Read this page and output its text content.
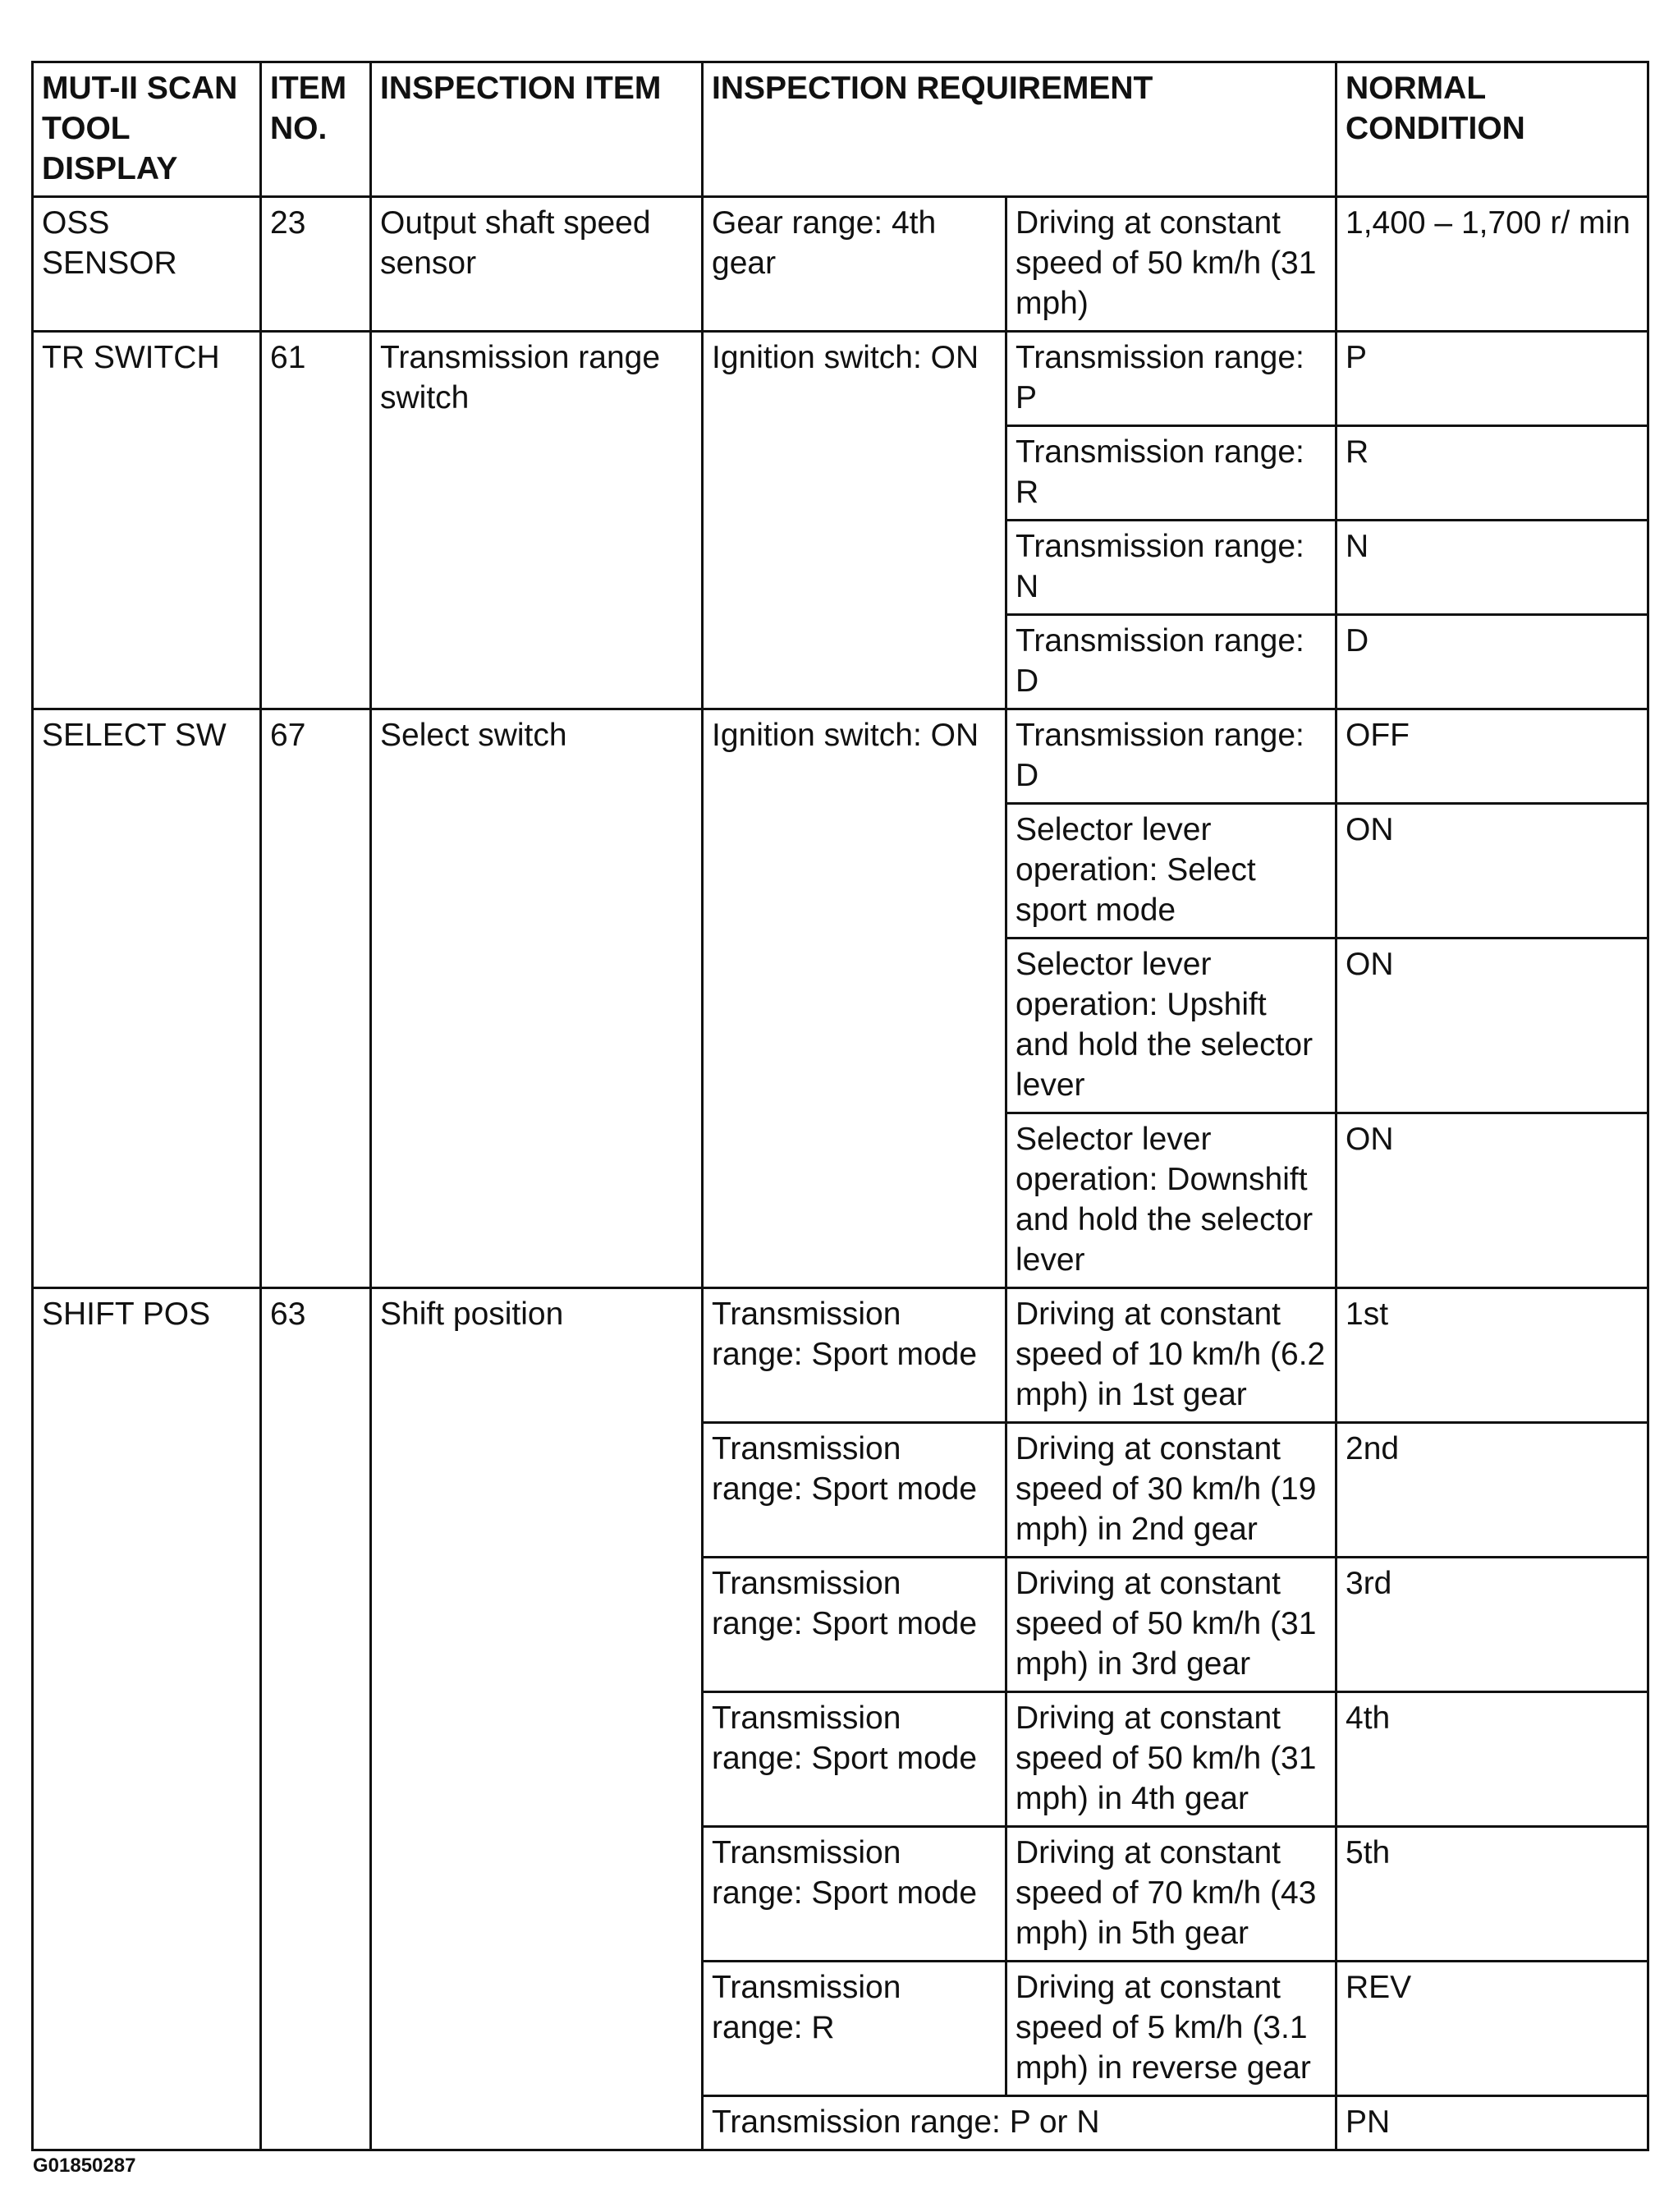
MUT-II SCAN TOOL DISPLAY	ITEM NO.	INSPECTION ITEM	INSPECTION REQUIREMENT		NORMAL CONDITION
OSS SENSOR	23	Output shaft speed sensor	Gear range: 4th gear	Driving at constant speed of 50 km/h (31 mph)	1,400 – 1,700 r/ min
TR SWITCH	61	Transmission range switch	Ignition switch: ON	Transmission range: P	P
				Transmission range: R	R
				Transmission range: N	N
				Transmission range: D	D
SELECT SW	67	Select switch	Ignition switch: ON	Transmission range: D	OFF
				Selector lever operation: Select sport mode	ON
				Selector lever operation: Upshift and hold the selector lever	ON
				Selector lever operation: Downshift and hold the selector lever	ON
SHIFT POS	63	Shift position	Transmission range: Sport mode	Driving at constant speed of 10 km/h (6.2 mph) in 1st gear	1st
			Transmission range: Sport mode	Driving at constant speed of 30 km/h (19 mph) in 2nd gear	2nd
			Transmission range: Sport mode	Driving at constant speed of 50 km/h (31 mph) in 3rd gear	3rd
			Transmission range: Sport mode	Driving at constant speed of 50 km/h (31 mph) in 4th gear	4th
			Transmission range: Sport mode	Driving at constant speed of 70 km/h (43 mph) in 5th gear	5th
			Transmission range: R	Driving at constant speed of 5 km/h (3.1 mph) in reverse gear	REV
			Transmission range: P or N		PN
G01850287
